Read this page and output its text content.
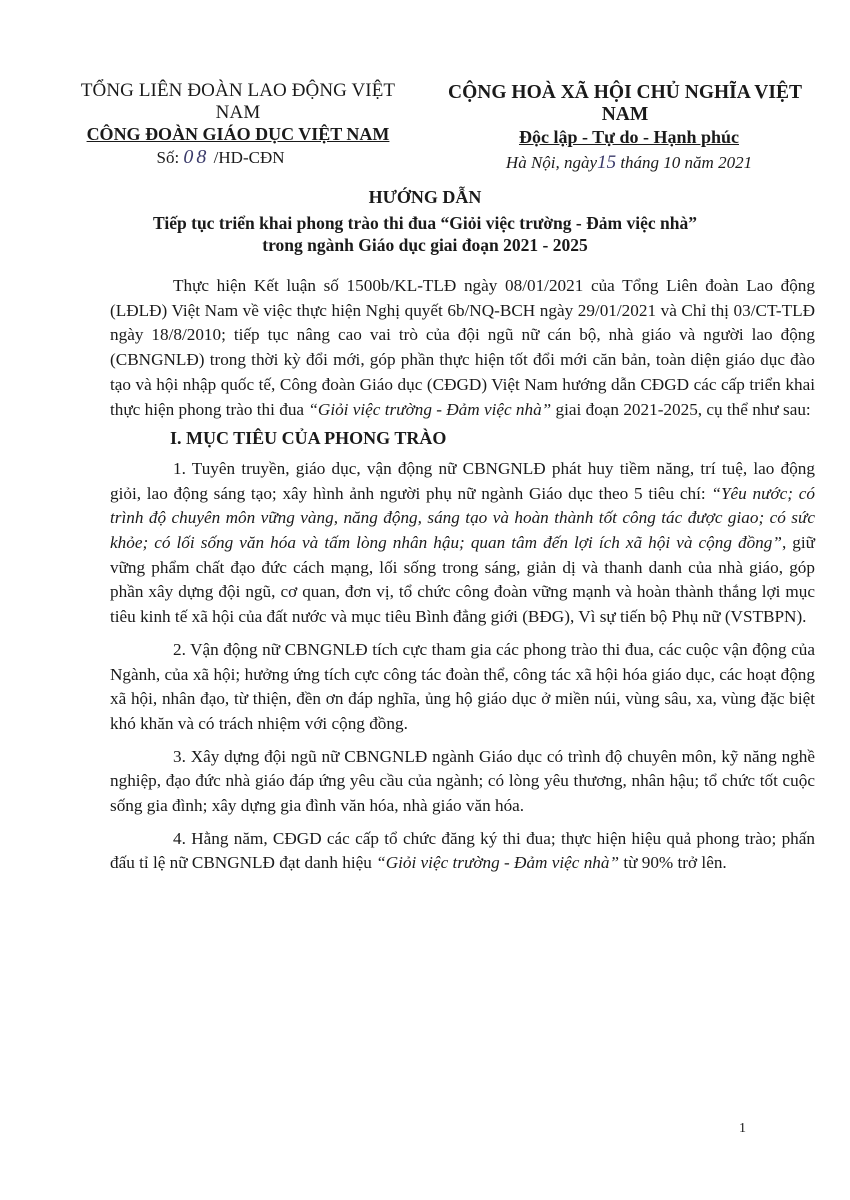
TỔNG LIÊN ĐOÀN LAO ĐỘNG VIỆT NAM
CÔNG ĐOÀN GIÁO DỤC VIỆT NAM
Số: 08 /HD-CĐN
CỘNG HOÀ XÃ HỘI CHỦ NGHĨA VIỆT NAM
Độc lập - Tự do - Hạnh phúc
Hà Nội, ngày15 tháng 10 năm 2021
HƯỚNG DẪN
Tiếp tục triển khai phong trào thi đua “Giỏi việc trường - Đảm việc nhà”
trong ngành Giáo dục giai đoạn 2021 - 2025

Thực hiện Kết luận số 1500b/KL-TLĐ ngày 08/01/2021 của Tổng Liên đoàn Lao động (LĐLĐ) Việt Nam về việc thực hiện Nghị quyết 6b/NQ-BCH ngày 29/01/2021 và Chỉ thị 03/CT-TLĐ ngày 18/8/2010; tiếp tục nâng cao vai trò của đội ngũ nữ cán bộ, nhà giáo và người lao động (CBNGNLĐ) trong thời kỳ đổi mới, góp phần thực hiện tốt đổi mới căn bản, toàn diện giáo dục đào tạo và hội nhập quốc tế, Công đoàn Giáo dục (CĐGD) Việt Nam hướng dẫn CĐGD các cấp triển khai thực hiện phong trào thi đua “Giỏi việc trường - Đảm việc nhà” giai đoạn 2021-2025, cụ thể như sau:

I. MỤC TIÊU CỦA PHONG TRÀO

1. Tuyên truyền, giáo dục, vận động nữ CBNGNLĐ phát huy tiềm năng, trí tuệ, lao động giỏi, lao động sáng tạo; xây hình ảnh người phụ nữ ngành Giáo dục theo 5 tiêu chí: “Yêu nước; có trình độ chuyên môn vững vàng, năng động, sáng tạo và hoàn thành tốt công tác được giao; có sức khỏe; có lối sống văn hóa và tấm lòng nhân hậu; quan tâm đến lợi ích xã hội và cộng đồng”, giữ vững phẩm chất đạo đức cách mạng, lối sống trong sáng, giản dị và thanh danh của nhà giáo, góp phần xây dựng đội ngũ, cơ quan, đơn vị, tổ chức công đoàn vững mạnh và hoàn thành thắng lợi mục tiêu kinh tế xã hội của đất nước và mục tiêu Bình đẳng giới (BĐG), Vì sự tiến bộ Phụ nữ (VSTBPN).

2. Vận động nữ CBNGNLĐ tích cực tham gia các phong trào thi đua, các cuộc vận động của Ngành, của xã hội; hưởng ứng tích cực công tác đoàn thể, công tác xã hội hóa giáo dục, các hoạt động xã hội, nhân đạo, từ thiện, đền ơn đáp nghĩa, ủng hộ giáo dục ở miền núi, vùng sâu, xa, vùng đặc biệt khó khăn và có trách nhiệm với cộng đồng.

3. Xây dựng đội ngũ nữ CBNGNLĐ ngành Giáo dục có trình độ chuyên môn, kỹ năng nghề nghiệp, đạo đức nhà giáo đáp ứng yêu cầu của ngành; có lòng yêu thương, nhân hậu; tổ chức tốt cuộc sống gia đình; xây dựng gia đình văn hóa, nhà giáo văn hóa.

4. Hằng năm, CĐGD các cấp tổ chức đăng ký thi đua; thực hiện hiệu quả phong trào; phấn đấu tỉ lệ nữ CBNGNLĐ đạt danh hiệu “Giỏi việc trường - Đảm việc nhà” từ 90% trở lên.

1
